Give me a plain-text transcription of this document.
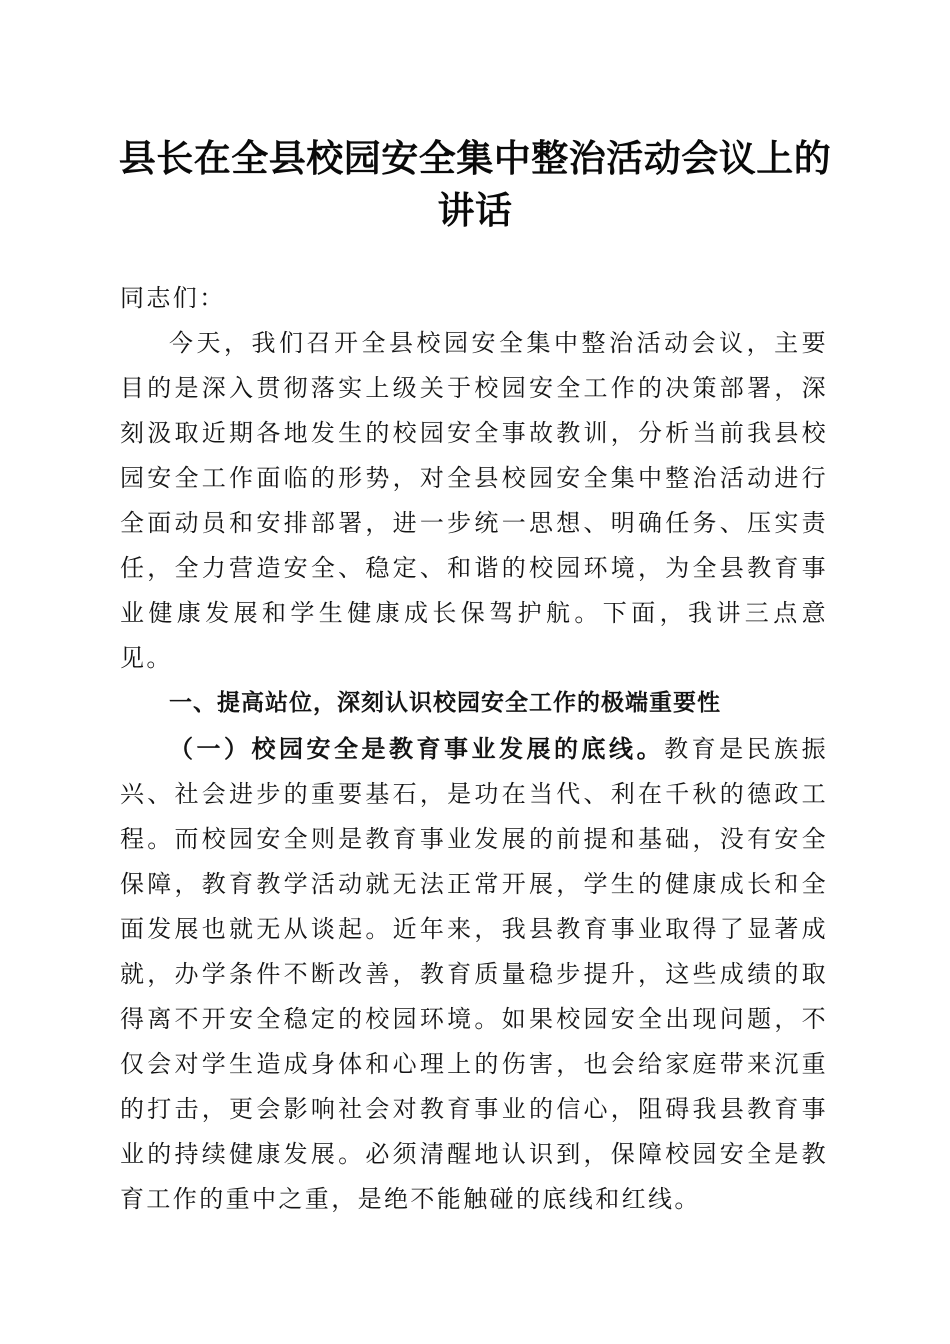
县长在全县校园安全集中整治活动会议上的讲话

同志们：

今天，我们召开全县校园安全集中整治活动会议，主要目的是深入贯彻落实上级关于校园安全工作的决策部署，深刻汲取近期各地发生的校园安全事故教训，分析当前我县校园安全工作面临的形势，对全县校园安全集中整治活动进行全面动员和安排部署，进一步统一思想、明确任务、压实责任，全力营造安全、稳定、和谐的校园环境，为全县教育事业健康发展和学生健康成长保驾护航。下面，我讲三点意见。

一、提高站位，深刻认识校园安全工作的极端重要性

（一）校园安全是教育事业发展的底线。教育是民族振兴、社会进步的重要基石，是功在当代、利在千秋的德政工程。而校园安全则是教育事业发展的前提和基础，没有安全保障，教育教学活动就无法正常开展，学生的健康成长和全面发展也就无从谈起。近年来，我县教育事业取得了显著成就，办学条件不断改善，教育质量稳步提升，这些成绩的取得离不开安全稳定的校园环境。如果校园安全出现问题，不仅会对学生造成身体和心理上的伤害，也会给家庭带来沉重的打击，更会影响社会对教育事业的信心，阻碍我县教育事业的持续健康发展。必须清醒地认识到，保障校园安全是教育工作的重中之重，是绝不能触碰的底线和红线。
